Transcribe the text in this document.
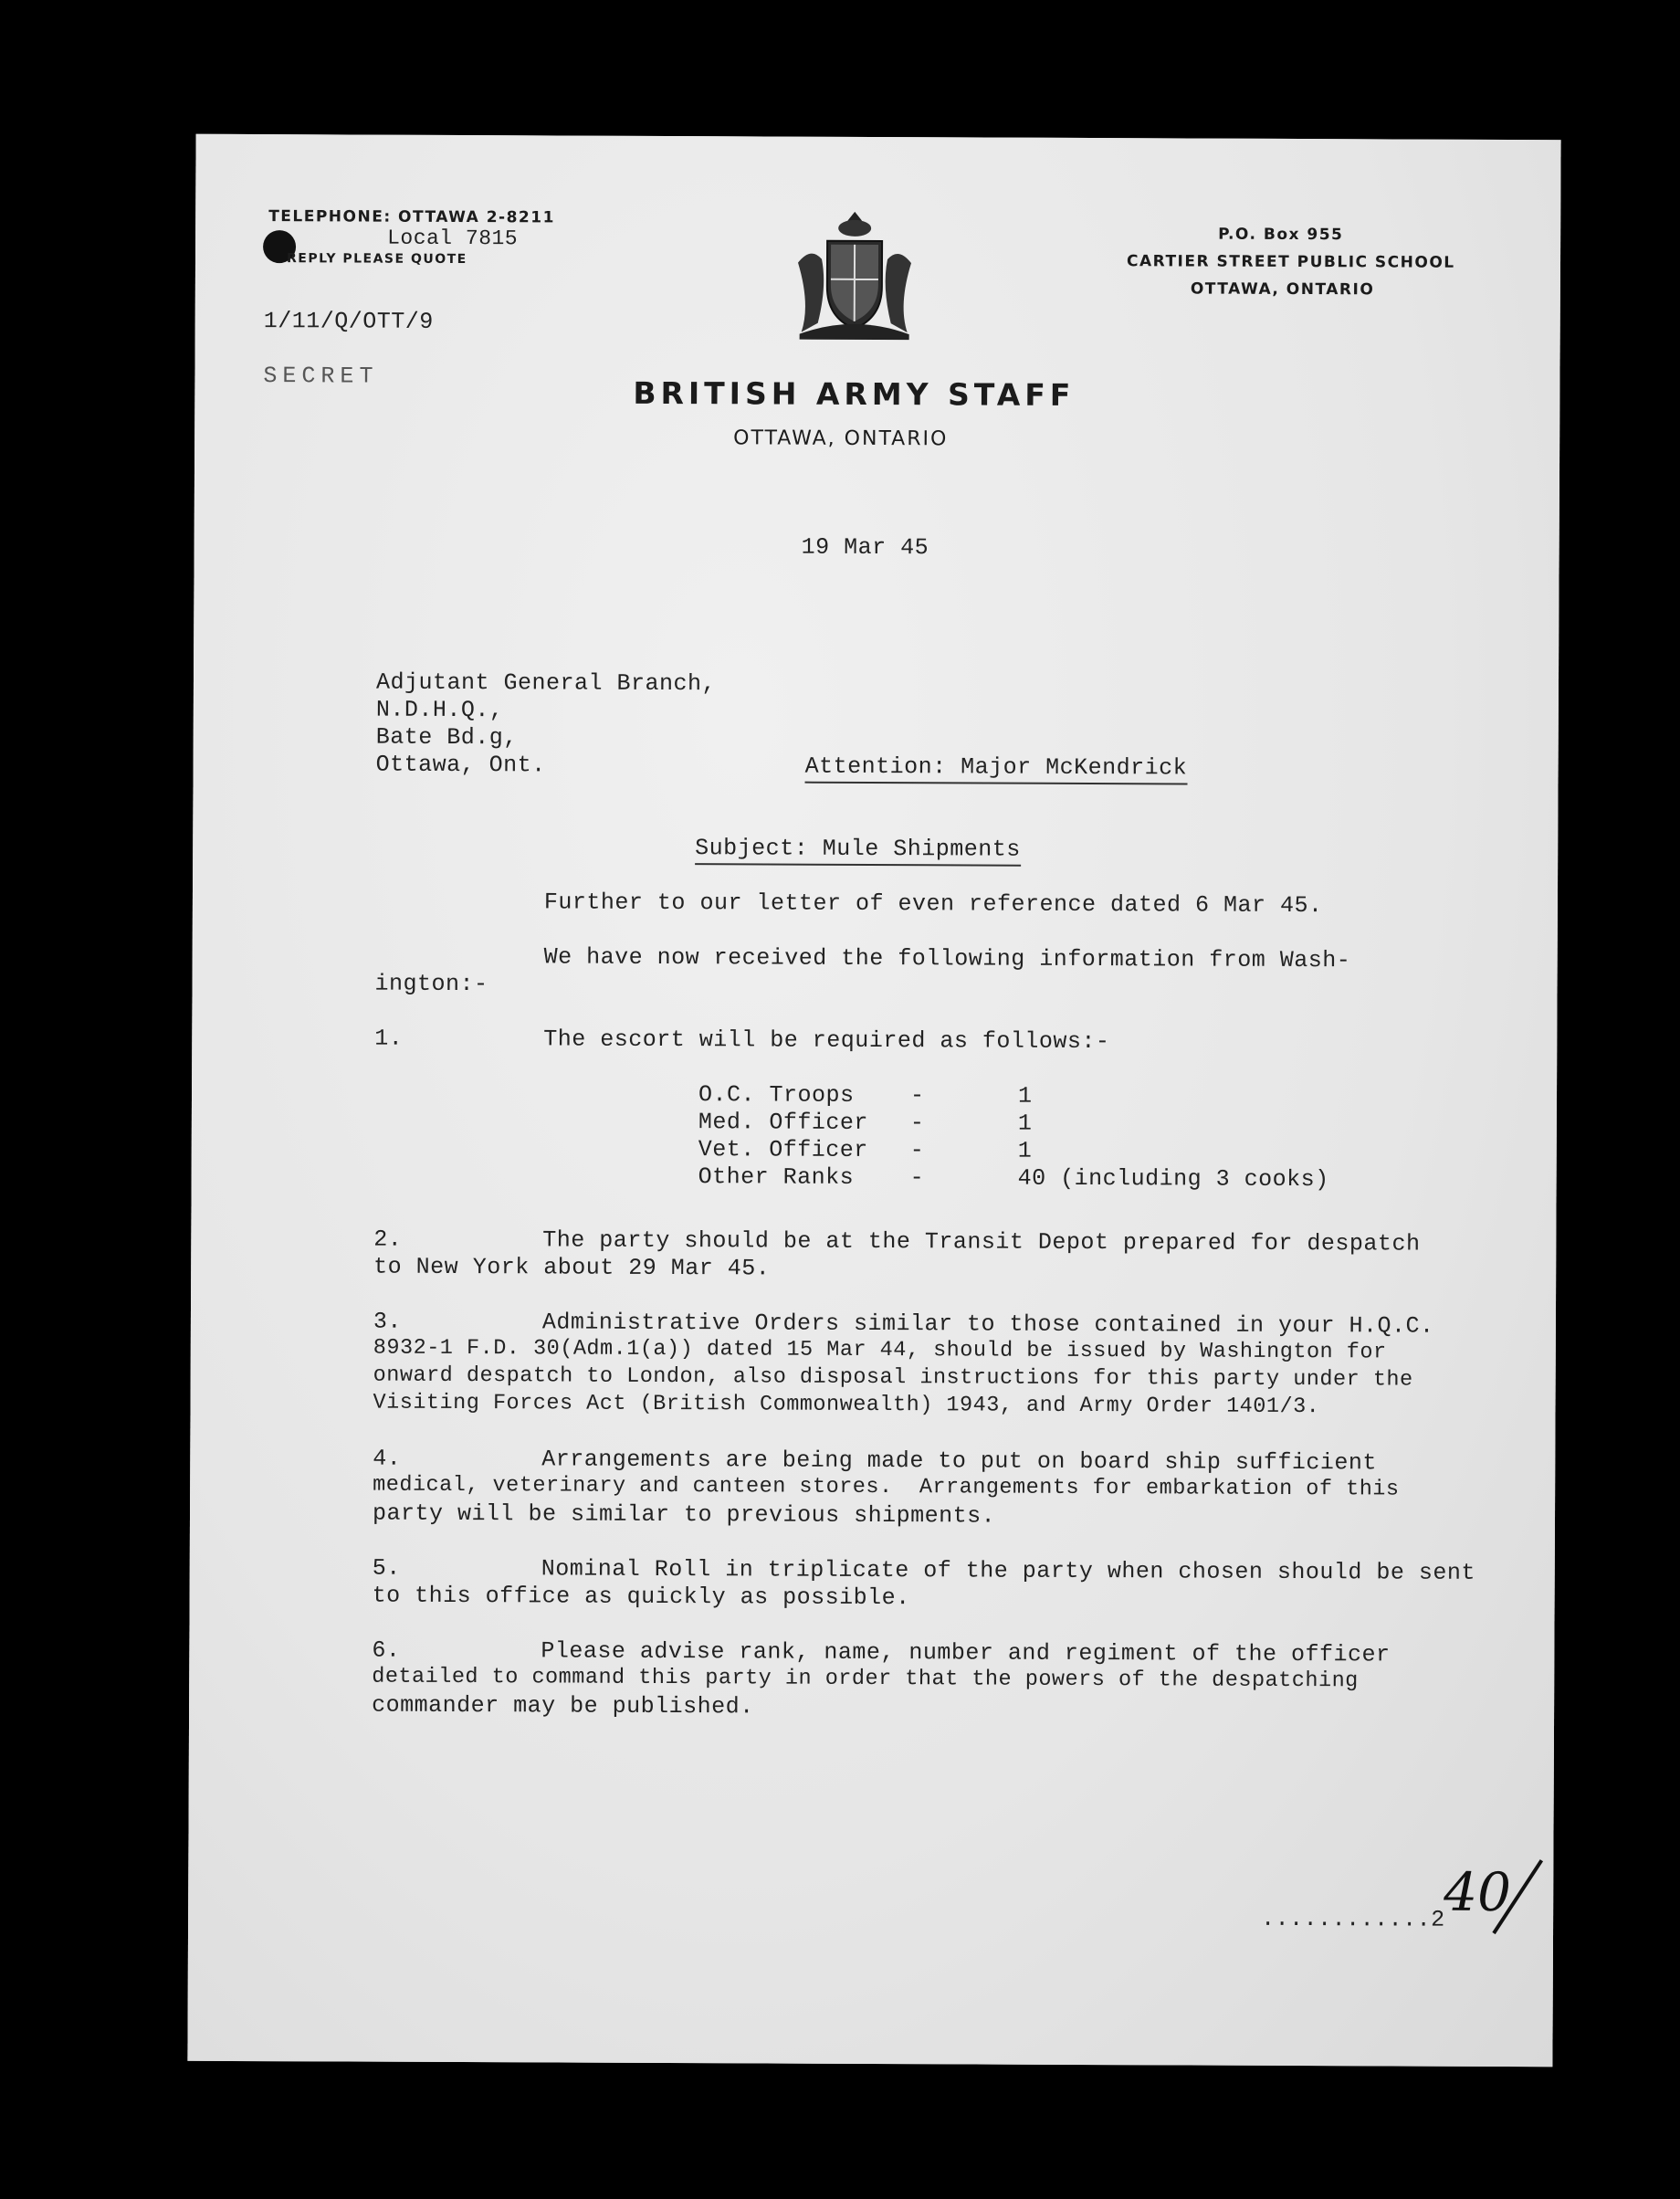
TELEPHONE: OTTAWA 2-8211
Local 7815
REPLY PLEASE QUOTE
P.O. Box 955
CARTIER STREET PUBLIC SCHOOL
OTTAWA, ONTARIO
1/11/Q/OTT/9
SECRET	BRITISH ARMY STAFF
OTTAWA, ONTARIO
19 Mar 45
Adjutant General Branch,
N.D.H.Q.,
Bate Bd.g,
Ottawa, Ont.	Attention: Major McKendrick
Subject: Mule Shipments
Further to our letter of even reference dated 6 Mar 45.
We have now received the following information from Wash-
ington:-
1.	The escort will be required as follows:-
O.C. Troops -	1
Med. Officer -	1
Vet. Officer -	1
Other Ranks -	40 (including 3 cooks)
2.	The party should be at the Transit Depot prepared for despatch
to New York about 29 Mar 45.
3.	Administrative Orders similar to those contained in your H.Q.C.
8932-1 F.D. 30(Adm.1(a)) dated 15 Mar 44, should be issued by Washington for
onward despatch to London, also disposal instructions for this party under the
Visiting Forces Act (British Commonwealth) 1943, and Army Order 1401/3.
4.	Arrangements are being made to put on board ship sufficient
medical, veterinary and canteen stores.  Arrangements for embarkation of this
party will be similar to previous shipments.
5.	Nominal Roll in triplicate of the party when chosen should be sent
to this office as quickly as possible.
6.	Please advise rank, name, number and regiment of the officer
detailed to command this party in order that the powers of the despatching
commander may be published.
............2
40
